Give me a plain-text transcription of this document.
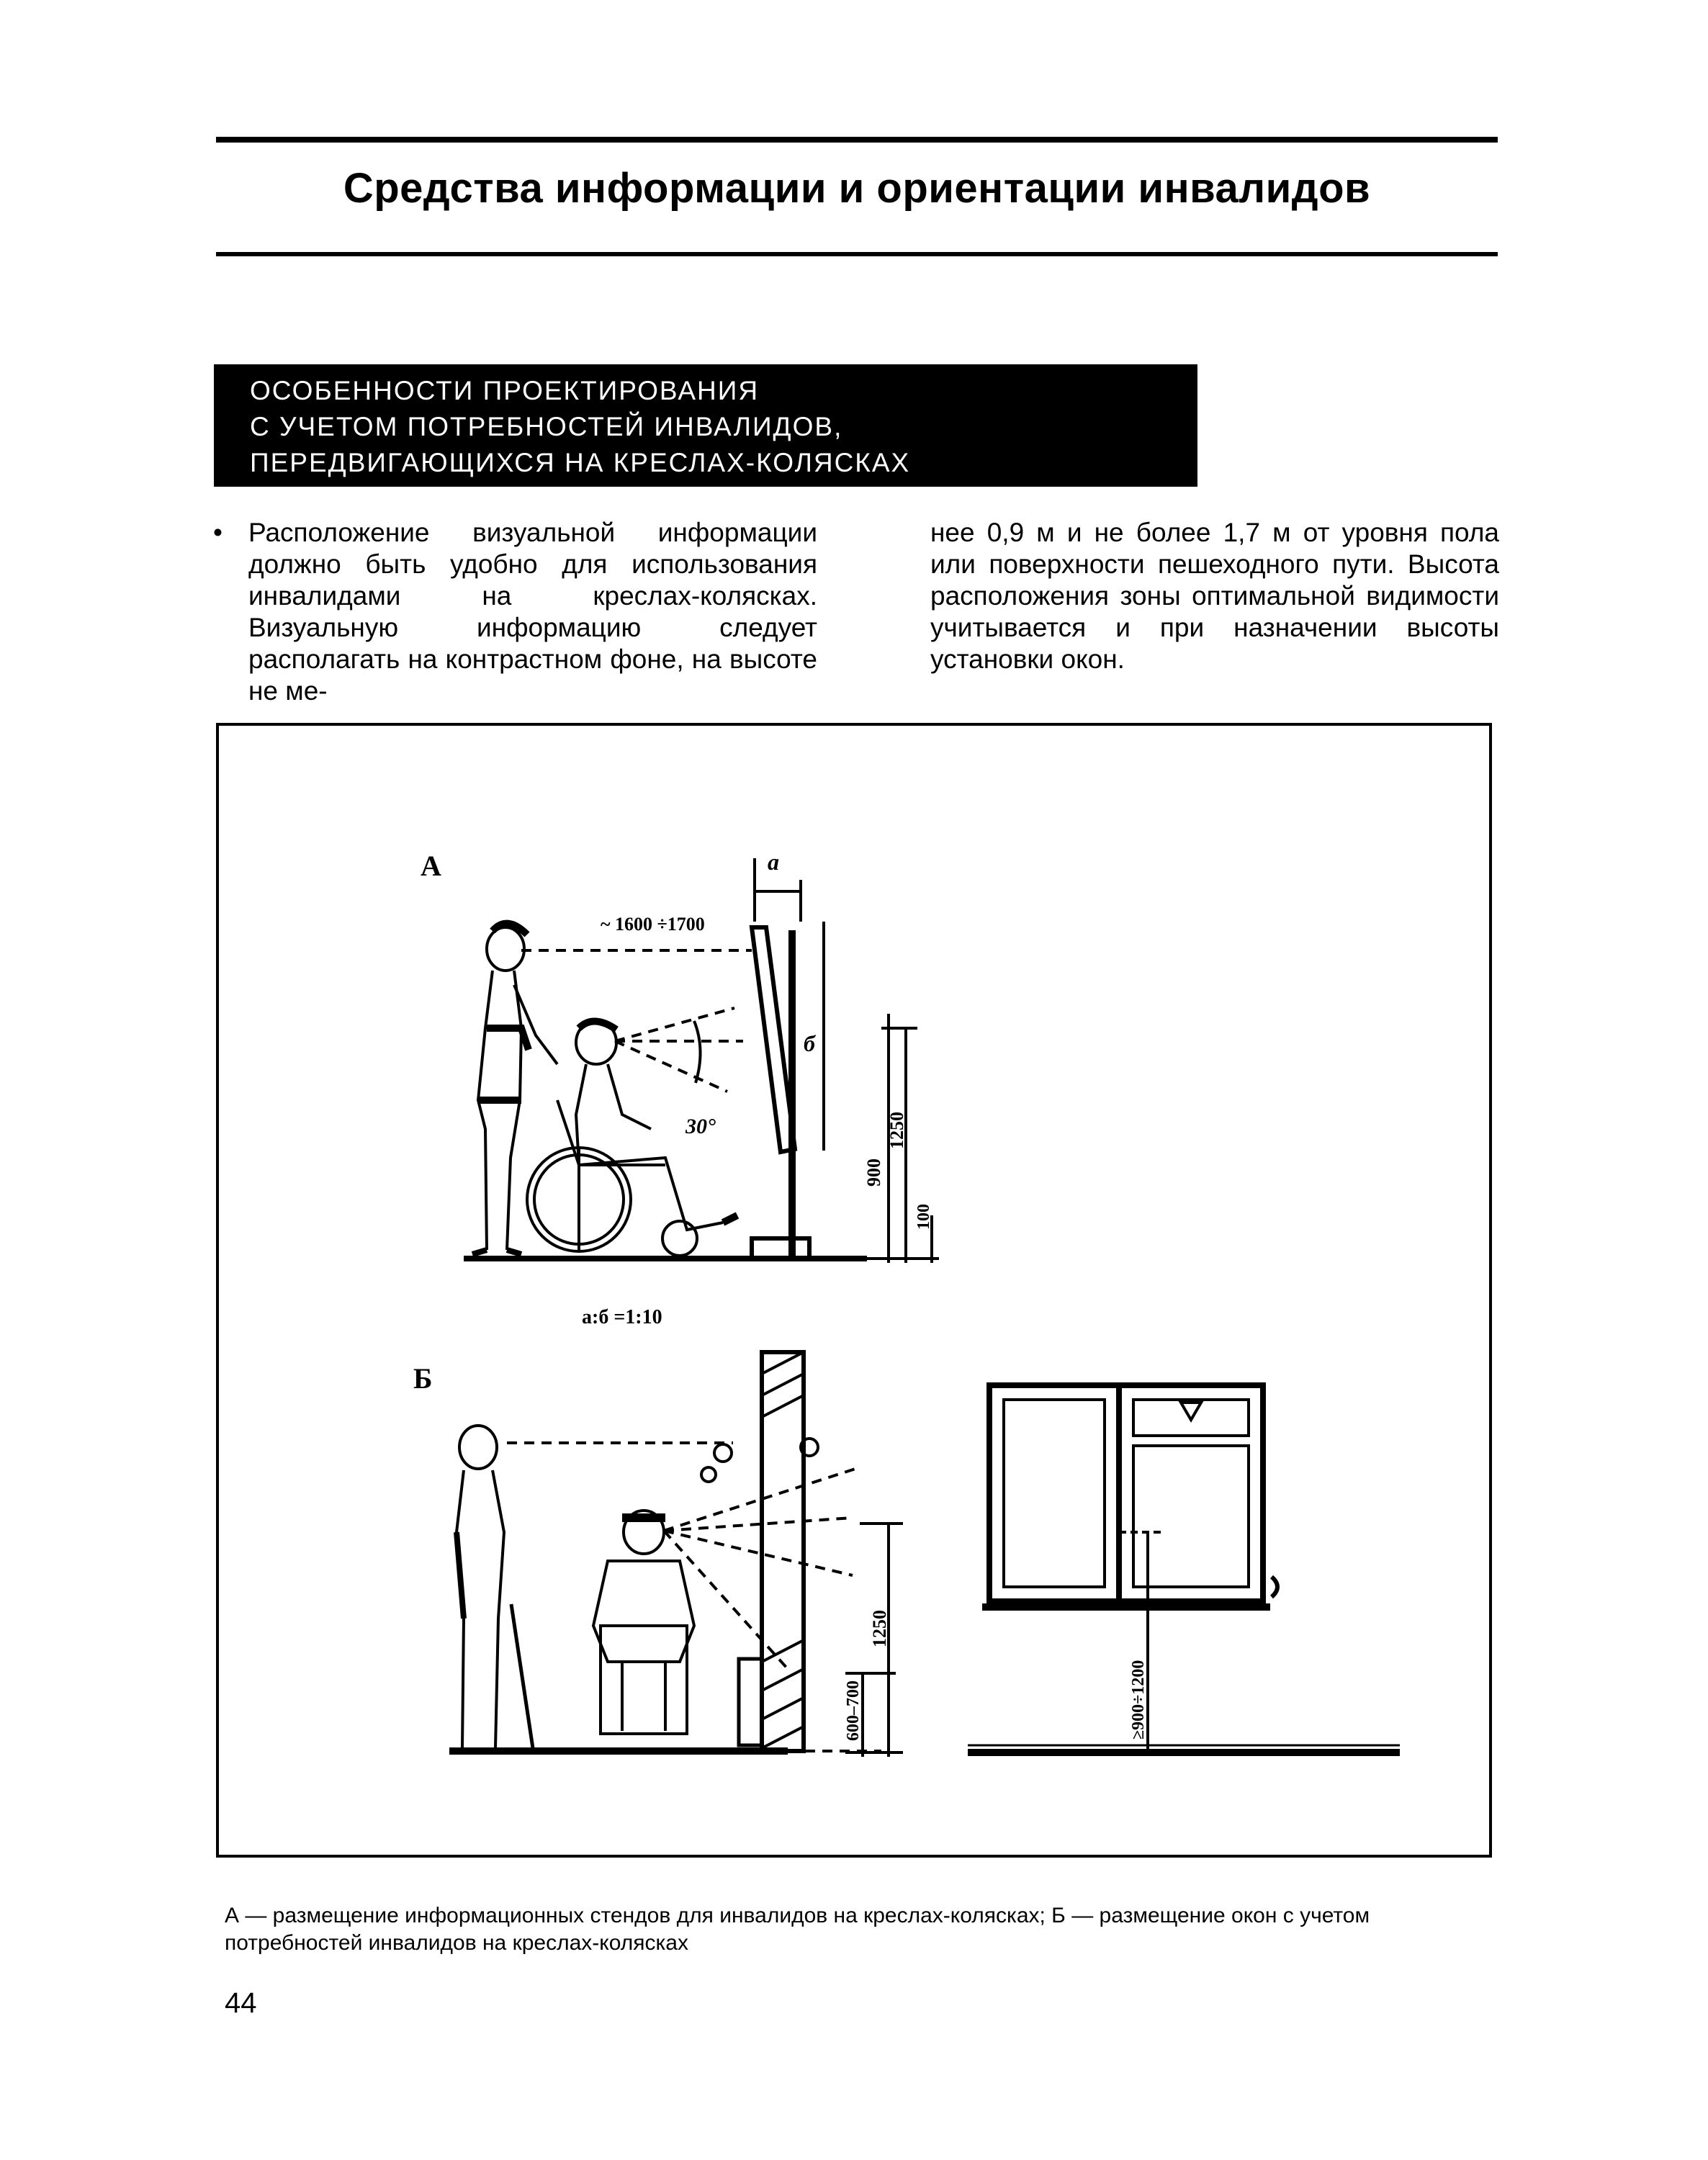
Средства информации и ориентации инвалидов
ОСОБЕННОСТИ ПРОЕКТИРОВАНИЯ
С УЧЕТОМ ПОТРЕБНОСТЕЙ ИНВАЛИДОВ,
ПЕРЕДВИГАЮЩИХСЯ НА КРЕСЛАХ-КОЛЯСКАХ
• Расположение визуальной информации должно быть удобно для использования инвалидами на креслах-колясках. Визуальную информацию следует располагать на контрастном фоне, на высоте не ме-
нее 0,9 м и не более 1,7 м от уровня пола или поверхности пешеходного пути. Высота расположения зоны оптимальной видимости учитывается и при назначении высоты установки окон.
А
30°
a
~ 1600 ÷1700
б
900
1250
100
a:б =1:10
Б
1250
600–700	≥900÷1200
А — размещение информационных стендов для инвалидов на креслах-колясках; Б — размещение окон с учетом потребностей инвалидов на креслах-колясках
44
